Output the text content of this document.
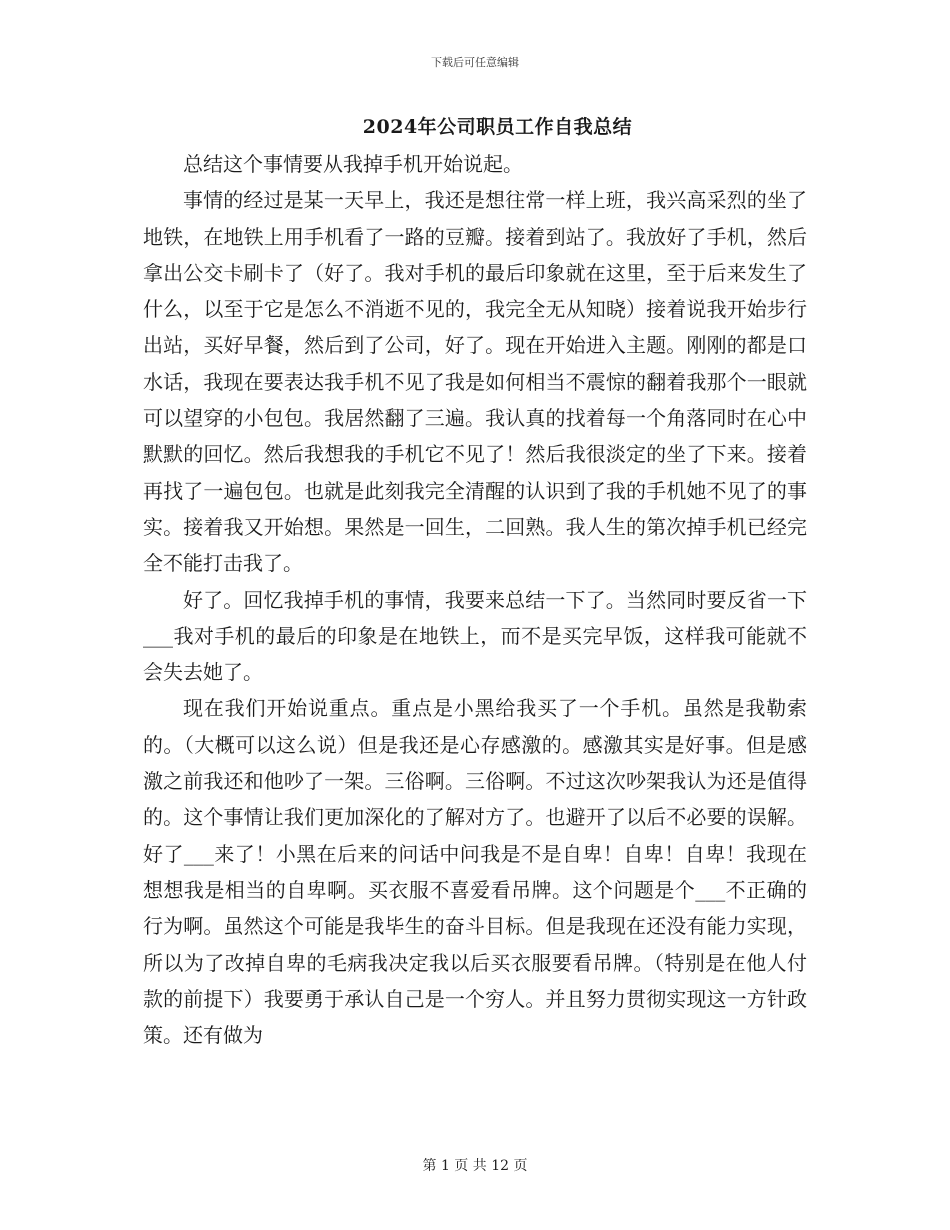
下载后可任意编辑
2024年公司职员工作自我总结

总结这个事情要从我掉手机开始说起。

事情的经过是某一天早上，我还是想往常一样上班，我兴高采烈的坐了地铁，在地铁上用手机看了一路的豆瓣。接着到站了。我放好了手机，然后拿出公交卡刷卡了（好了。我对手机的最后印象就在这里，至于后来发生了什么，以至于它是怎么不消逝不见的，我完全无从知晓）接着说我开始步行出站，买好早餐，然后到了公司，好了。现在开始进入主题。刚刚的都是口水话，我现在要表达我手机不见了我是如何相当不震惊的翻着我那个一眼就可以望穿的小包包。我居然翻了三遍。我认真的找着每一个角落同时在心中默默的回忆。然后我想我的手机它不见了！然后我很淡定的坐了下来。接着再找了一遍包包。也就是此刻我完全清醒的认识到了我的手机她不见了的事实。接着我又开始想。果然是一回生，二回熟。我人生的第次掉手机已经完全不能打击我了。

好了。回忆我掉手机的事情，我要来总结一下了。当然同时要反省一下___我对手机的最后的印象是在地铁上，而不是买完早饭，这样我可能就不会失去她了。

现在我们开始说重点。重点是小黑给我买了一个手机。虽然是我勒索的。（大概可以这么说）但是我还是心存感激的。感激其实是好事。但是感激之前我还和他吵了一架。三俗啊。三俗啊。不过这次吵架我认为还是值得的。这个事情让我们更加深化的了解对方了。也避开了以后不必要的误解。好了___来了！小黑在后来的问话中问我是不是自卑！自卑！自卑！我现在想想我是相当的自卑啊。买衣服不喜爱看吊牌。这个问题是个___不正确的行为啊。虽然这个可能是我毕生的奋斗目标。但是我现在还没有能力实现，所以为了改掉自卑的毛病我决定我以后买衣服要看吊牌。（特别是在他人付款的前提下）我要勇于承认自己是一个穷人。并且努力贯彻实现这一方针政策。还有做为

第 1 页 共 12 页
